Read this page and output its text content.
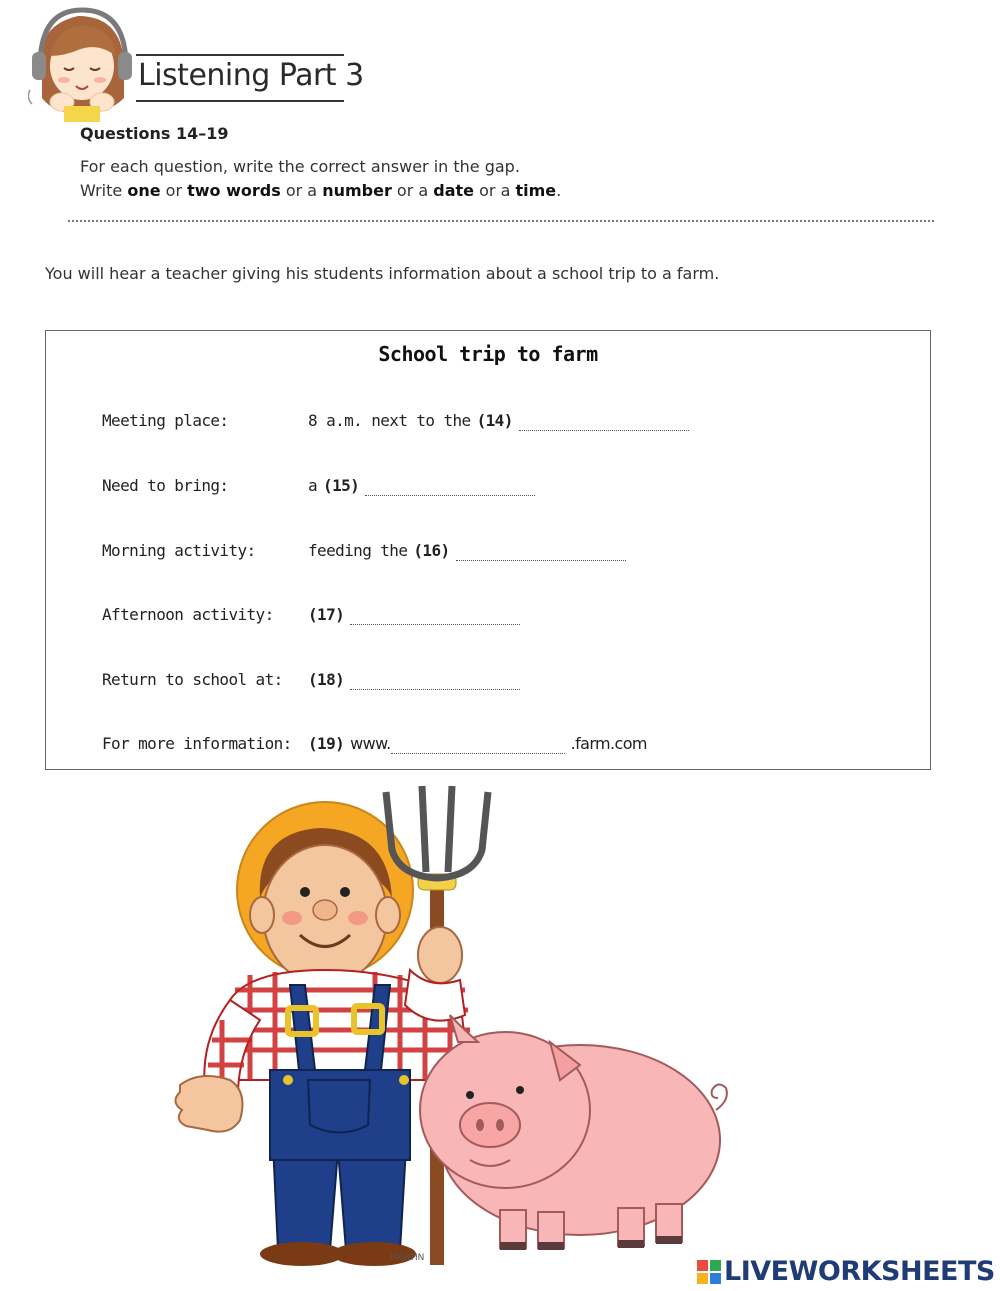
Listening Part 3
Questions 14–19
For each question, write the correct answer in the gap.
Write one or two words or a number or a date or a time.
You will hear a teacher giving his students information about a school trip to a farm.
School trip to farm
Meeting place:	8 a.m. next to the (14)
Need to bring:	a (15)
Morning activity:	feeding the (16)
Afternoon activity: (17)
Return to school at: (18)
For more information: (19) www.	.farm.com
MARTIN	LIVEWORKSHEETS
